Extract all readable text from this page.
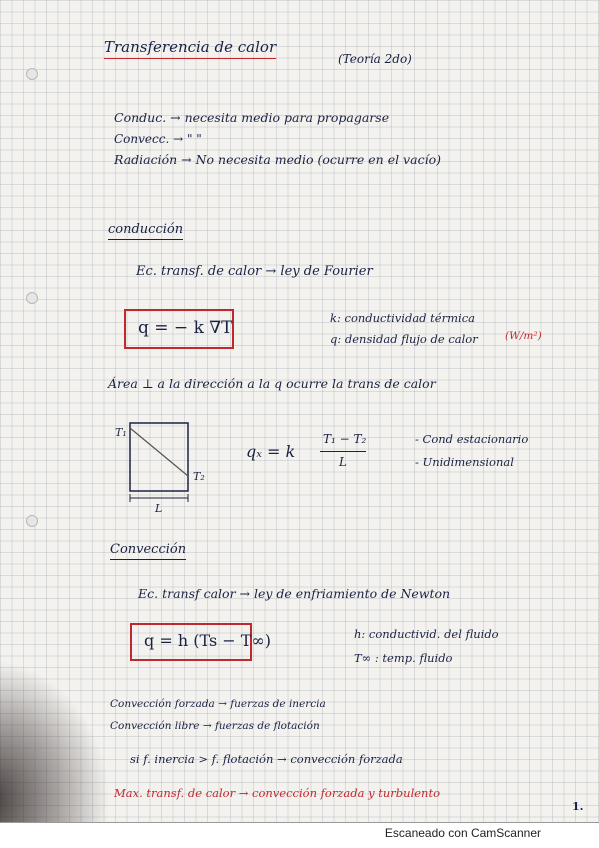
Transferencia de calor
(Teoría 2do)
Conduc. → necesita medio para propagarse
Convecc. → " "
Radiación → No necesita medio (ocurre en el vacío)
conducción
Ec. transf. de calor → ley de Fourier
q = − k ∇T	k: conductividad térmica
q: densidad flujo de calor	(W/m²)
Área ⊥ a la dirección a la q ocurre la trans de calor
T₁
T₂
L
qₓ = k
T₁ − T₂
L
- Cond estacionario
- Unidimensional
Convección
Ec. transf calor → ley de enfriamiento de Newton
q = h (Ts − T∞)	h: conductivid. del fluido
T∞ : temp. fluido
Convección forzada → fuerzas de inercia
Convección libre → fuerzas de flotación
si f. inercia > f. flotación → convección forzada
Max. transf. de calor → convección forzada y turbulento
1.
Escaneado con CamScanner
